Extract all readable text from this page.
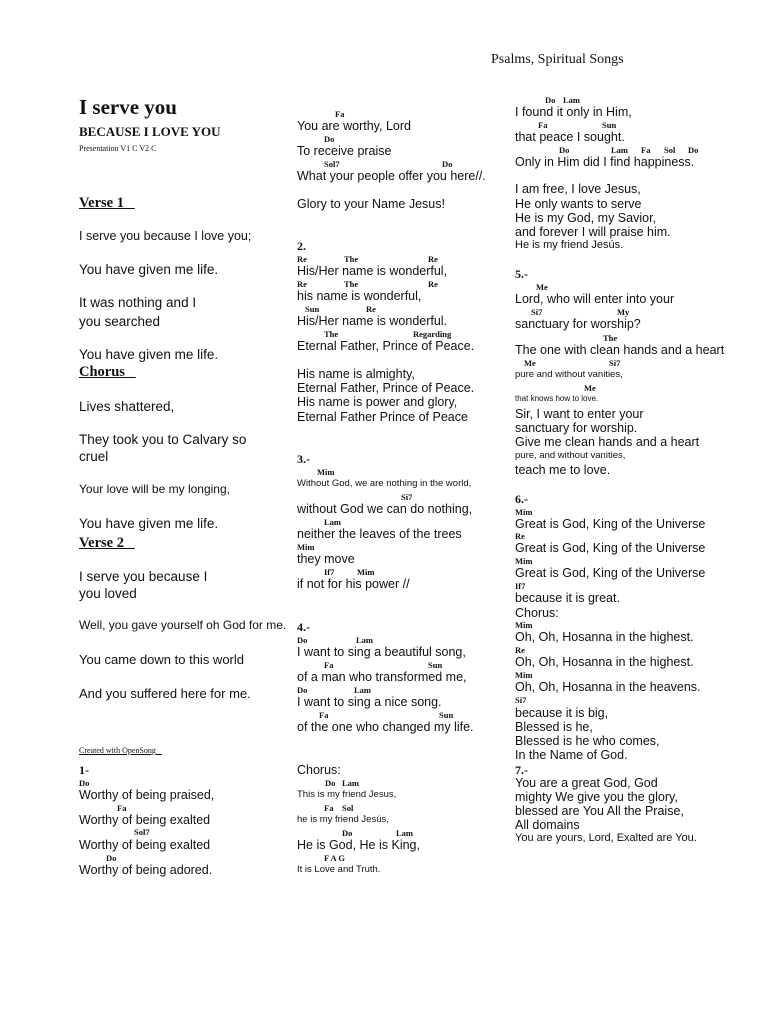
Psalms, Spiritual Songs
I serve you
BECAUSE I LOVE YOU
Presentation V1 C V2 C
Verse 1
I serve you because I love you;
You have given me life.
It was nothing and I
you searched
You have given me life.
Chorus
Lives shattered,
They took you to Calvary so
cruel
Your love will be my longing,
You have given me life.
Verse 2
I serve you because I
you loved
Well, you gave yourself oh God for me.
You came down to this world
And you suffered here for me.
Created with OpenSong
1-
Do
Worthy of being praised,
Fa
Worthy of being exalted
Sol7
Worthy of being exalted
Do
Worthy of being adored.
Fa
You are worthy, Lord
Do
To receive praise
Sol7	Do
What your people offer you here//.
Glory to your Name Jesus!
2.
Re	The	Re
His/Her name is wonderful,
Re	The	Re
his name is wonderful,
Sun	Re
His/Her name is wonderful.
The	Regarding
Eternal Father, Prince of Peace.
His name is almighty,
Eternal Father, Prince of Peace.
His name is power and glory,
Eternal Father Prince of Peace
3.-
Mim
Without God, we are nothing in the world,
Si7
without God we can do nothing,
Lam
neither the leaves of the trees
Mim
they move
If7	Mim
if not for his power //
4.-
Do	Lam
I want to sing a beautiful song,
Fa	Sun
of a man who transformed me,
Do	Lam
I want to sing a nice song.
Fa	Sun
of the one who changed my life.
Chorus:
Do Lam
This is my friend Jesus,
Fa Sol
he is my friend Jesús,
Do	Lam
He is God, He is King,
F A G
It is Love and Truth.
Do Lam
I found it only in Him,
Fa	Sun
that peace I sought.
Do	Lam Fa Sol Do
Only in Him did I find happiness.
I am free, I love Jesus,
He only wants to serve
He is my God, my Savior,
and forever I will praise him.
He is my friend Jesús.
5.-
Me
Lord, who will enter into your
Si7	My
sanctuary for worship?
The
The one with clean hands and a heart
Me	Si7
pure and without vanities,
Me
that knows how to love.
Sir, I want to enter your
sanctuary for worship.
Give me clean hands and a heart
pure, and without vanities,
teach me to love.
6.-
Mim
Great is God, King of the Universe
Re
Great is God, King of the Universe
Mim
Great is God, King of the Universe
If7
because it is great.
Chorus:
Mim
Oh, Oh, Hosanna in the highest.
Re
Oh, Oh, Hosanna in the highest.
Mim
Oh, Oh, Hosanna in the heavens.
Si7
because it is big,
Blessed is he,
Blessed is he who comes,
In the Name of God.
7.-
You are a great God, God
mighty We give you the glory,
blessed are You All the Praise,
All domains
You are yours, Lord, Exalted are You.
